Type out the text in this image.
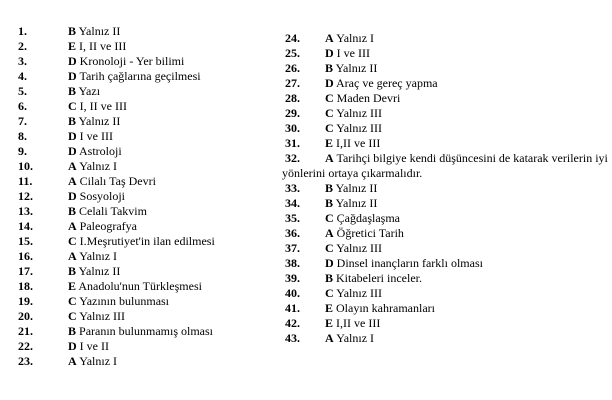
1.	B Yalnız II
2.	E I, II ve III
3.	D Kronoloji - Yer bilimi
4.	D Tarih çağlarına geçilmesi
5.	B Yazı
6.	C I, II ve III
7.	B Yalnız II
8.	D I ve III
9.	D Astroloji
10.	A Yalnız I
11.	A Cilalı Taş Devri
12.	D Sosyoloji
13.	B Celali Takvim
14.	A Paleografya
15.	C I.Meşrutiyet'in ilan edilmesi
16.	A Yalnız I
17.	B Yalnız II
18.	E Anadolu'nun Türkleşmesi
19.	C Yazının bulunması
20.	C Yalnız III
21.	B Paranın bulunmamış olması
22.	D I ve II
23.	A Yalnız I
24. A Yalnız I
25. D I ve III
26. B Yalnız II
27. D Araç ve gereç yapma
28. C Maden Devri
29. C Yalnız III
30. C Yalnız III
31. E I,II ve III
32. A Tarihçi bilgiye kendi düşüncesini de katarak verilerin iyi
yönlerini ortaya çıkarmalıdır.
33. B Yalnız II
34. B Yalnız II
35. C Çağdaşlaşma
36. A Öğretici Tarih
37. C Yalnız III
38. D Dinsel inançların farklı olması
39. B Kitabeleri inceler.
40. C Yalnız III
41. E Olayın kahramanları
42. E I,II ve III
43. A Yalnız I
